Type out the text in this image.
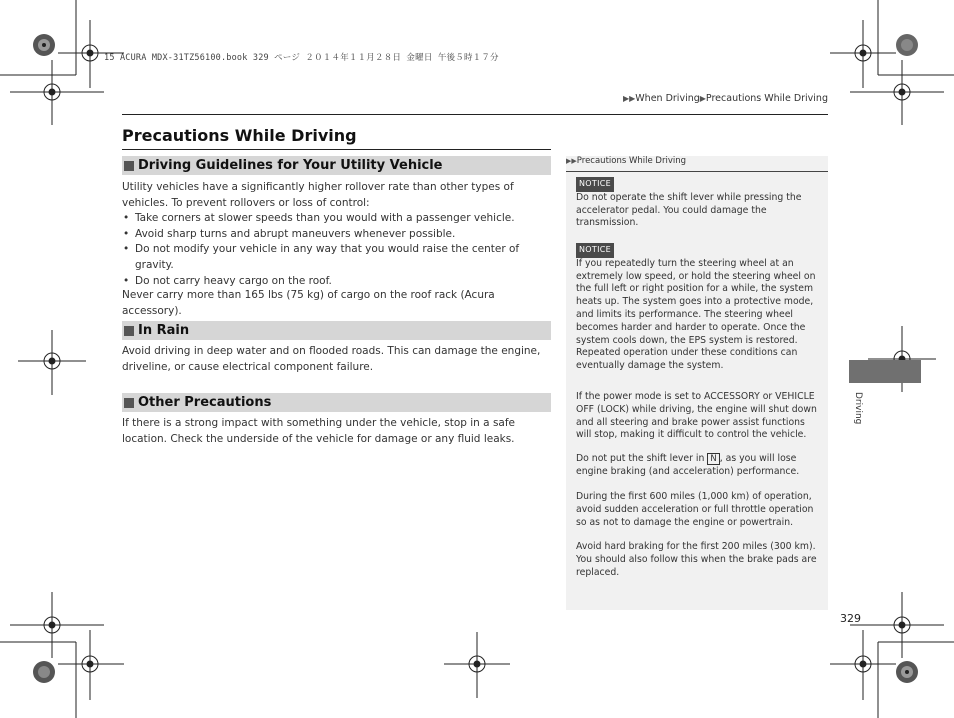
15 ACURA MDX-31TZ56100.book 329 ページ ２０１４年１１月２８日 金曜日 午後５時１７分
▶▶When Driving▶Precautions While Driving
Precautions While Driving
Driving Guidelines for Your Utility Vehicle

Utility vehicles have a significantly higher rollover rate than other types of vehicles. To prevent rollovers or loss of control:

• Take corners at slower speeds than you would with a passenger vehicle.
• Avoid sharp turns and abrupt maneuvers whenever possible.
• Do not modify your vehicle in any way that you would raise the center of gravity.
• Do not carry heavy cargo on the roof.
Never carry more than 165 lbs (75 kg) of cargo on the roof rack (Acura accessory).
In Rain
Avoid driving in deep water and on flooded roads. This can damage the engine, driveline, or cause electrical component failure.
Other Precautions
If there is a strong impact with something under the vehicle, stop in a safe location. Check the underside of the vehicle for damage or any fluid leaks.
▶▶Precautions While Driving
NOTICE

Do not operate the shift lever while pressing the accelerator pedal. You could damage the transmission.

NOTICE

If you repeatedly turn the steering wheel at an extremely low speed, or hold the steering wheel on the full left or right position for a while, the system heats up. The system goes into a protective mode, and limits its performance. The steering wheel becomes harder and harder to operate. Once the system cools down, the EPS system is restored. Repeated operation under these conditions can eventually damage the system.

If the power mode is set to ACCESSORY or VEHICLE OFF (LOCK) while driving, the engine will shut down and all steering and brake power assist functions will stop, making it difficult to control the vehicle.
Do not put the shift lever in N , as you will lose engine braking (and acceleration) performance.
During the first 600 miles (1,000 km) of operation, avoid sudden acceleration or full throttle operation so as not to damage the engine or powertrain.
Avoid hard braking for the first 200 miles (300 km). You should also follow this when the brake pads are replaced.
Driving
329
